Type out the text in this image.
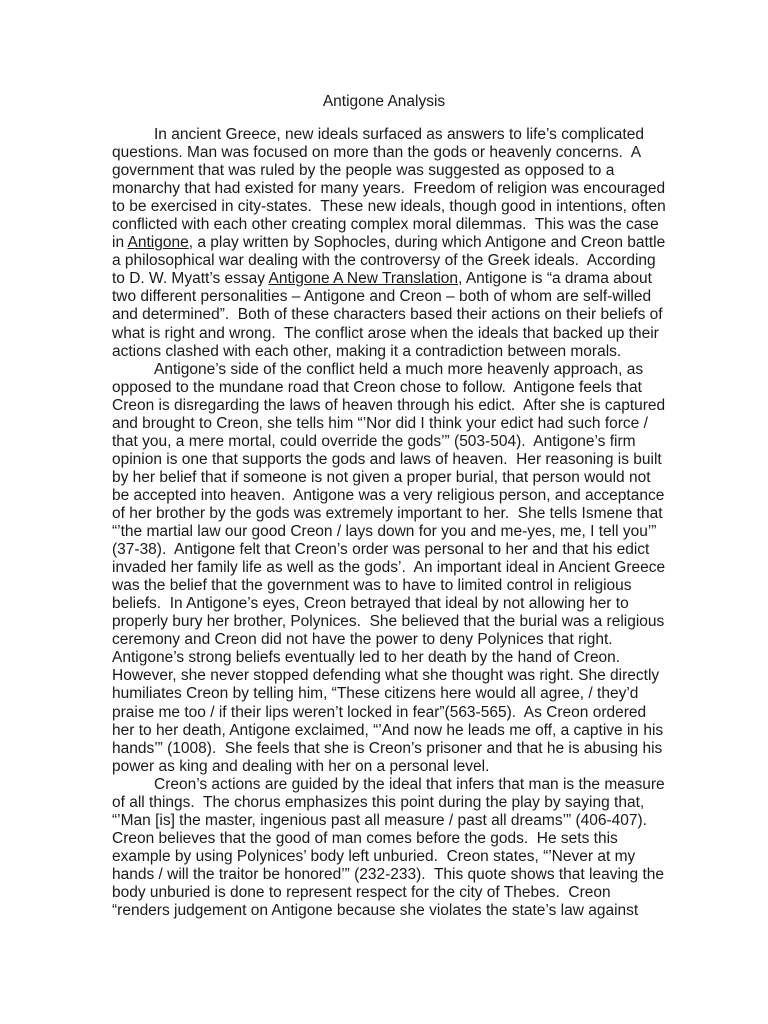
Antigone Analysis
In ancient Greece, new ideals surfaced as answers to life’s complicated
questions. Man was focused on more than the gods or heavenly concerns.  A
government that was ruled by the people was suggested as opposed to a
monarchy that had existed for many years.  Freedom of religion was encouraged
to be exercised in city-states.  These new ideals, though good in intentions, often
conflicted with each other creating complex moral dilemmas.  This was the case
in Antigone, a play written by Sophocles, during which Antigone and Creon battle
a philosophical war dealing with the controversy of the Greek ideals.  According
to D. W. Myatt’s essay Antigone A New Translation, Antigone is “a drama about
two different personalities – Antigone and Creon – both of whom are self-willed
and determined”.  Both of these characters based their actions on their beliefs of
what is right and wrong.  The conflict arose when the ideals that backed up their
actions clashed with each other, making it a contradiction between morals.
Antigone’s side of the conflict held a much more heavenly approach, as
opposed to the mundane road that Creon chose to follow.  Antigone feels that
Creon is disregarding the laws of heaven through his edict.  After she is captured
and brought to Creon, she tells him “’Nor did I think your edict had such force /
that you, a mere mortal, could override the gods’” (503-504).  Antigone’s firm
opinion is one that supports the gods and laws of heaven.  Her reasoning is built
by her belief that if someone is not given a proper burial, that person would not
be accepted into heaven.  Antigone was a very religious person, and acceptance
of her brother by the gods was extremely important to her.  She tells Ismene that
“’the martial law our good Creon / lays down for you and me-yes, me, I tell you’”
(37-38).  Antigone felt that Creon’s order was personal to her and that his edict
invaded her family life as well as the gods’.  An important ideal in Ancient Greece
was the belief that the government was to have to limited control in religious
beliefs.  In Antigone’s eyes, Creon betrayed that ideal by not allowing her to
properly bury her brother, Polynices.  She believed that the burial was a religious
ceremony and Creon did not have the power to deny Polynices that right.
Antigone’s strong beliefs eventually led to her death by the hand of Creon.
However, she never stopped defending what she thought was right. She directly
humiliates Creon by telling him, “These citizens here would all agree, / they’d
praise me too / if their lips weren’t locked in fear”(563-565).  As Creon ordered
her to her death, Antigone exclaimed, “’And now he leads me off, a captive in his
hands’” (1008).  She feels that she is Creon’s prisoner and that he is abusing his
power as king and dealing with her on a personal level.
Creon’s actions are guided by the ideal that infers that man is the measure
of all things.  The chorus emphasizes this point during the play by saying that,
“’Man [is] the master, ingenious past all measure / past all dreams’” (406-407).
Creon believes that the good of man comes before the gods.  He sets this
example by using Polynices’ body left unburied.  Creon states, “’Never at my
hands / will the traitor be honored’” (232-233).  This quote shows that leaving the
body unburied is done to represent respect for the city of Thebes.  Creon
“renders judgement on Antigone because she violates the state’s law against
